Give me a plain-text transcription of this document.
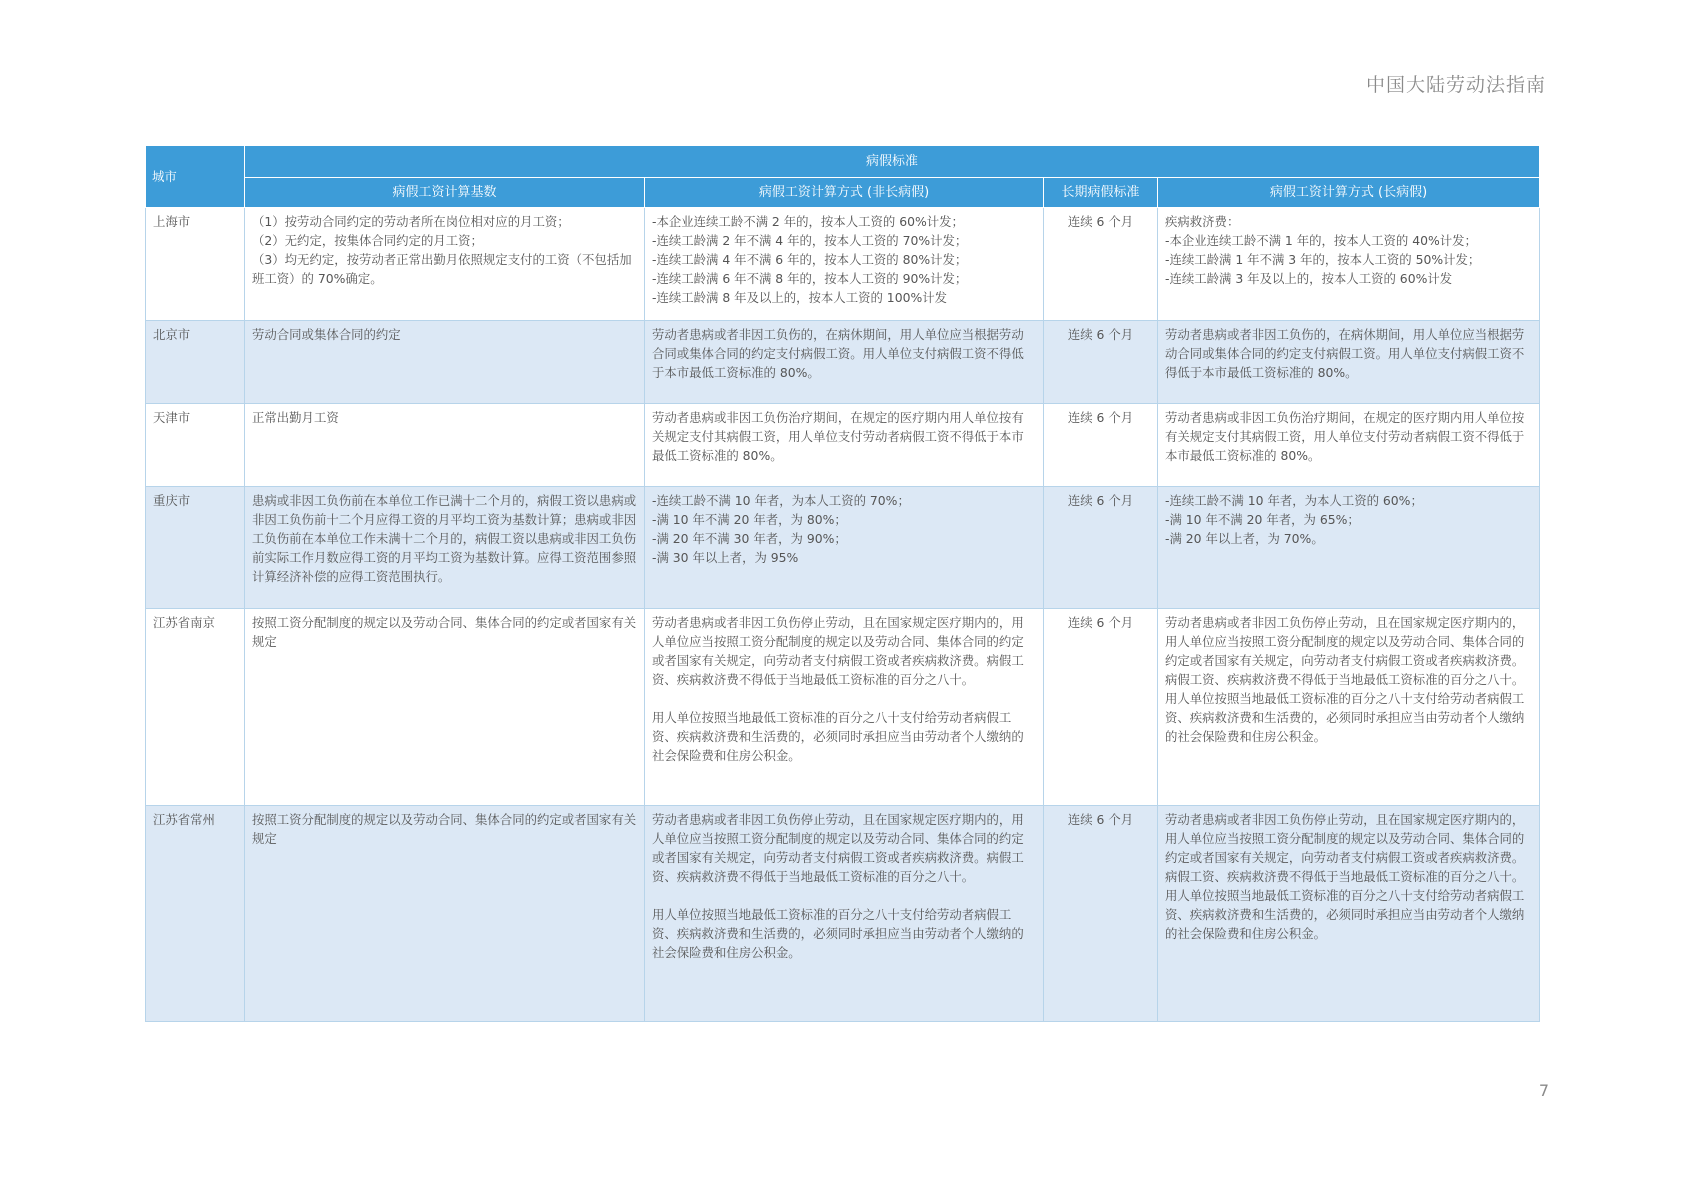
中国大陆劳动法指南
城市	病假标准			
	病假工资计算基数	病假工资计算方式 (非长病假)	长期病假标准	病假工资计算方式 (长病假)
上海市	（1）按劳动合同约定的劳动者所在岗位相对应的月工资；
（2）无约定，按集体合同约定的月工资；
（3）均无约定，按劳动者正常出勤月依照规定支付的工资（不包括加班工资）的 70%确定。	-本企业连续工龄不满 2 年的，按本人工资的 60%计发；
-连续工龄满 2 年不满 4 年的，按本人工资的 70%计发；
-连续工龄满 4 年不满 6 年的，按本人工资的 80%计发；
-连续工龄满 6 年不满 8 年的，按本人工资的 90%计发；
-连续工龄满 8 年及以上的，按本人工资的 100%计发	连续 6 个月	疾病救济费：
-本企业连续工龄不满 1 年的，按本人工资的 40%计发；
-连续工龄满 1 年不满 3 年的，按本人工资的 50%计发；
-连续工龄满 3 年及以上的，按本人工资的 60%计发
北京市	劳动合同或集体合同的约定	劳动者患病或者非因工负伤的，在病休期间，用人单位应当根据劳动合同或集体合同的约定支付病假工资。用人单位支付病假工资不得低于本市最低工资标准的 80%。	连续 6 个月	劳动者患病或者非因工负伤的，在病休期间，用人单位应当根据劳动合同或集体合同的约定支付病假工资。用人单位支付病假工资不得低于本市最低工资标准的 80%。
天津市	正常出勤月工资	劳动者患病或非因工负伤治疗期间，在规定的医疗期内用人单位按有关规定支付其病假工资，用人单位支付劳动者病假工资不得低于本市最低工资标准的 80%。	连续 6 个月	劳动者患病或非因工负伤治疗期间，在规定的医疗期内用人单位按有关规定支付其病假工资，用人单位支付劳动者病假工资不得低于本市最低工资标准的 80%。
重庆市	患病或非因工负伤前在本单位工作已满十二个月的，病假工资以患病或非因工负伤前十二个月应得工资的月平均工资为基数计算；患病或非因工负伤前在本单位工作未满十二个月的，病假工资以患病或非因工负伤前实际工作月数应得工资的月平均工资为基数计算。应得工资范围参照计算经济补偿的应得工资范围执行。	-连续工龄不满 10 年者，为本人工资的 70%；
-满 10 年不满 20 年者，为 80%；
-满 20 年不满 30 年者，为 90%；
-满 30 年以上者，为 95%	连续 6 个月	-连续工龄不满 10 年者，为本人工资的 60%；
-满 10 年不满 20 年者，为 65%；
-满 20 年以上者，为 70%。
江苏省南京	按照工资分配制度的规定以及劳动合同、集体合同的约定或者国家有关规定	劳动者患病或者非因工负伤停止劳动，且在国家规定医疗期内的，用人单位应当按照工资分配制度的规定以及劳动合同、集体合同的约定或者国家有关规定，向劳动者支付病假工资或者疾病救济费。病假工资、疾病救济费不得低于当地最低工资标准的百分之八十。

用人单位按照当地最低工资标准的百分之八十支付给劳动者病假工资、疾病救济费和生活费的，必须同时承担应当由劳动者个人缴纳的社会保险费和住房公积金。	连续 6 个月	劳动者患病或者非因工负伤停止劳动，且在国家规定医疗期内的，用人单位应当按照工资分配制度的规定以及劳动合同、集体合同的约定或者国家有关规定，向劳动者支付病假工资或者疾病救济费。病假工资、疾病救济费不得低于当地最低工资标准的百分之八十。
用人单位按照当地最低工资标准的百分之八十支付给劳动者病假工资、疾病救济费和生活费的，必须同时承担应当由劳动者个人缴纳的社会保险费和住房公积金。
江苏省常州	按照工资分配制度的规定以及劳动合同、集体合同的约定或者国家有关规定	劳动者患病或者非因工负伤停止劳动，且在国家规定医疗期内的，用人单位应当按照工资分配制度的规定以及劳动合同、集体合同的约定或者国家有关规定，向劳动者支付病假工资或者疾病救济费。病假工资、疾病救济费不得低于当地最低工资标准的百分之八十。

用人单位按照当地最低工资标准的百分之八十支付给劳动者病假工资、疾病救济费和生活费的，必须同时承担应当由劳动者个人缴纳的社会保险费和住房公积金。	连续 6 个月	劳动者患病或者非因工负伤停止劳动，且在国家规定医疗期内的，用人单位应当按照工资分配制度的规定以及劳动合同、集体合同的约定或者国家有关规定，向劳动者支付病假工资或者疾病救济费。病假工资、疾病救济费不得低于当地最低工资标准的百分之八十。
用人单位按照当地最低工资标准的百分之八十支付给劳动者病假工资、疾病救济费和生活费的，必须同时承担应当由劳动者个人缴纳的社会保险费和住房公积金。
7
